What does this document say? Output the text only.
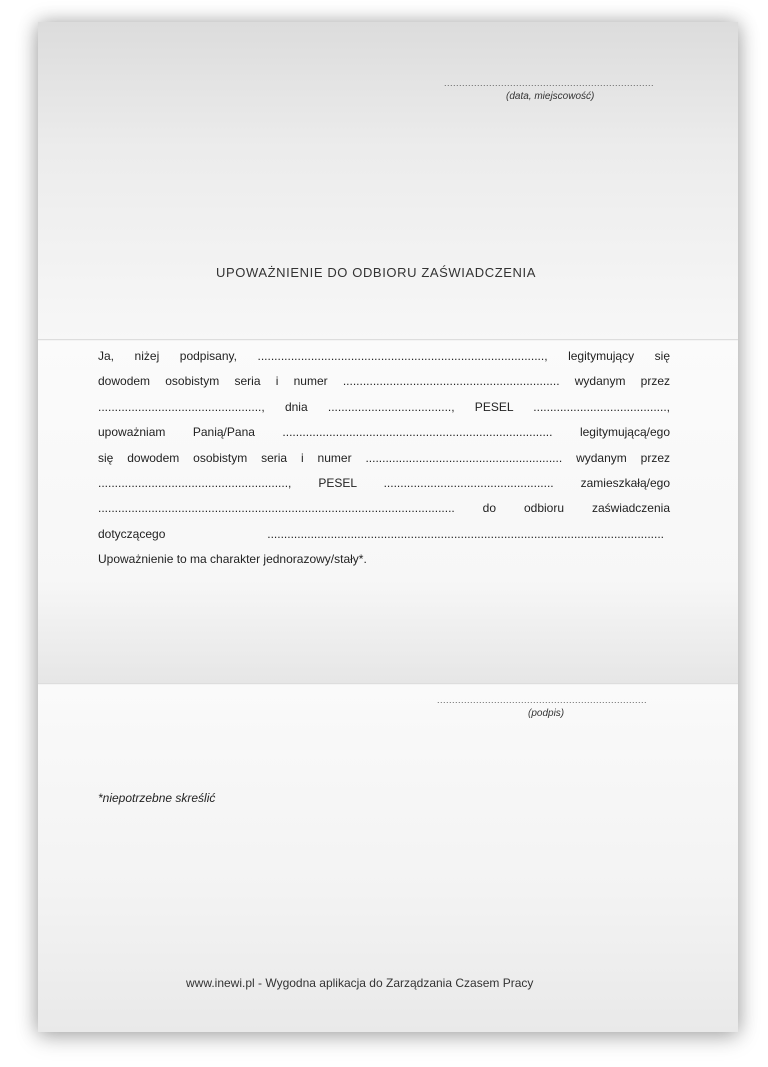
......................................................................
(data, miejscowość)
UPOWAŻNIENIE DO ODBIORU ZAŚWIADCZENIA
Ja, niżej podpisany, ......................................................................................, legitymujący się
dowodem osobistym seria i numer ................................................................. wydanym przez
................................................., dnia ....................................., PESEL ........................................,
upoważniam Panią/Pana ................................................................................. legitymującą/ego
się dowodem osobistym seria i numer ........................................................... wydanym przez
........................................................., PESEL ................................................... zamieszkałą/ego
........................................................................................................... do odbioru zaświadczenia
dotyczącego .......................................................................................................................
Upoważnienie to ma charakter jednorazowy/stały*.
......................................................................
(podpis)
*niepotrzebne skreślić
www.inewi.pl - Wygodna aplikacja do Zarządzania Czasem Pracy
